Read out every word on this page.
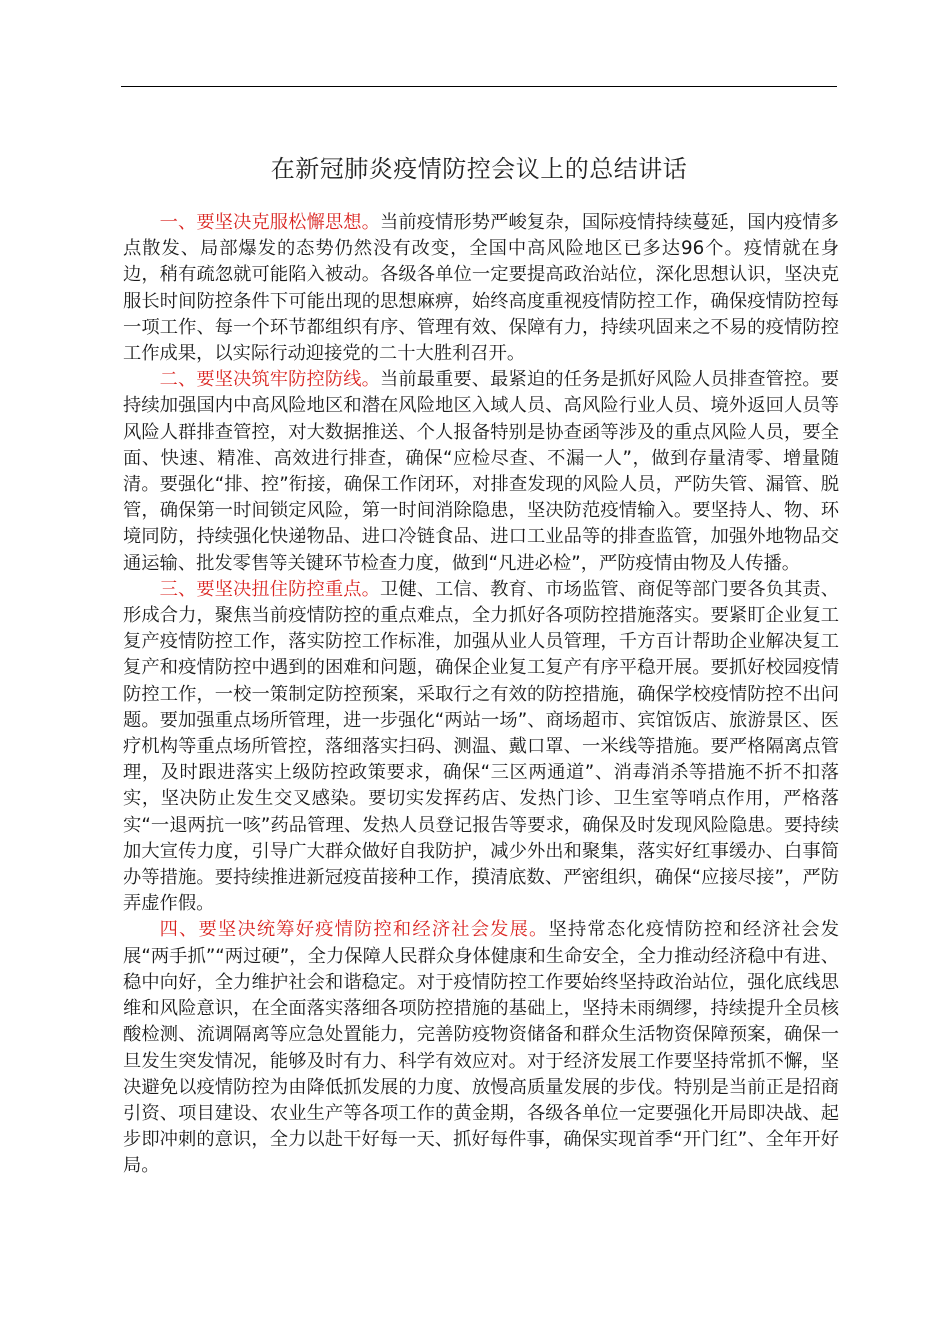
在新冠肺炎疫情防控会议上的总结讲话

一、要坚决克服松懈思想。当前疫情形势严峻复杂，国际疫情持续蔓延，国内疫情多点散发、局部爆发的态势仍然没有改变，全国中高风险地区已多达96个。疫情就在身边，稍有疏忽就可能陷入被动。各级各单位一定要提高政治站位，深化思想认识，坚决克服长时间防控条件下可能出现的思想麻痹，始终高度重视疫情防控工作，确保疫情防控每一项工作、每一个环节都组织有序、管理有效、保障有力，持续巩固来之不易的疫情防控工作成果，以实际行动迎接党的二十大胜利召开。

二、要坚决筑牢防控防线。当前最重要、最紧迫的任务是抓好风险人员排查管控。要持续加强国内中高风险地区和潜在风险地区入域人员、高风险行业人员、境外返回人员等风险人群排查管控，对大数据推送、个人报备特别是协查函等涉及的重点风险人员，要全面、快速、精准、高效进行排查，确保“应检尽查、不漏一人”，做到存量清零、增量随清。要强化“排、控”衔接，确保工作闭环，对排查发现的风险人员，严防失管、漏管、脱管，确保第一时间锁定风险，第一时间消除隐患，坚决防范疫情输入。要坚持人、物、环境同防，持续强化快递物品、进口冷链食品、进口工业品等的排查监管，加强外地物品交通运输、批发零售等关键环节检查力度，做到“凡进必检”，严防疫情由物及人传播。

三、要坚决扭住防控重点。卫健、工信、教育、市场监管、商促等部门要各负其责、形成合力，聚焦当前疫情防控的重点难点，全力抓好各项防控措施落实。要紧盯企业复工复产疫情防控工作，落实防控工作标准，加强从业人员管理，千方百计帮助企业解决复工复产和疫情防控中遇到的困难和问题，确保企业复工复产有序平稳开展。要抓好校园疫情防控工作，一校一策制定防控预案，采取行之有效的防控措施，确保学校疫情防控不出问题。要加强重点场所管理，进一步强化“两站一场”、商场超市、宾馆饭店、旅游景区、医疗机构等重点场所管控，落细落实扫码、测温、戴口罩、一米线等措施。要严格隔离点管理，及时跟进落实上级防控政策要求，确保“三区两通道”、消毒消杀等措施不折不扣落实，坚决防止发生交叉感染。要切实发挥药店、发热门诊、卫生室等哨点作用，严格落实“一退两抗一咳”药品管理、发热人员登记报告等要求，确保及时发现风险隐患。要持续加大宣传力度，引导广大群众做好自我防护，减少外出和聚集，落实好红事缓办、白事简办等措施。要持续推进新冠疫苗接种工作，摸清底数、严密组织，确保“应接尽接”，严防弄虚作假。

四、要坚决统筹好疫情防控和经济社会发展。坚持常态化疫情防控和经济社会发展“两手抓”“两过硬”，全力保障人民群众身体健康和生命安全，全力推动经济稳中有进、稳中向好，全力维护社会和谐稳定。对于疫情防控工作要始终坚持政治站位，强化底线思维和风险意识，在全面落实落细各项防控措施的基础上，坚持未雨绸缪，持续提升全员核酸检测、流调隔离等应急处置能力，完善防疫物资储备和群众生活物资保障预案，确保一旦发生突发情况，能够及时有力、科学有效应对。对于经济发展工作要坚持常抓不懈，坚决避免以疫情防控为由降低抓发展的力度、放慢高质量发展的步伐。特别是当前正是招商引资、项目建设、农业生产等各项工作的黄金期，各级各单位一定要强化开局即决战、起步即冲刺的意识，全力以赴干好每一天、抓好每件事，确保实现首季“开门红”、全年开好局。
